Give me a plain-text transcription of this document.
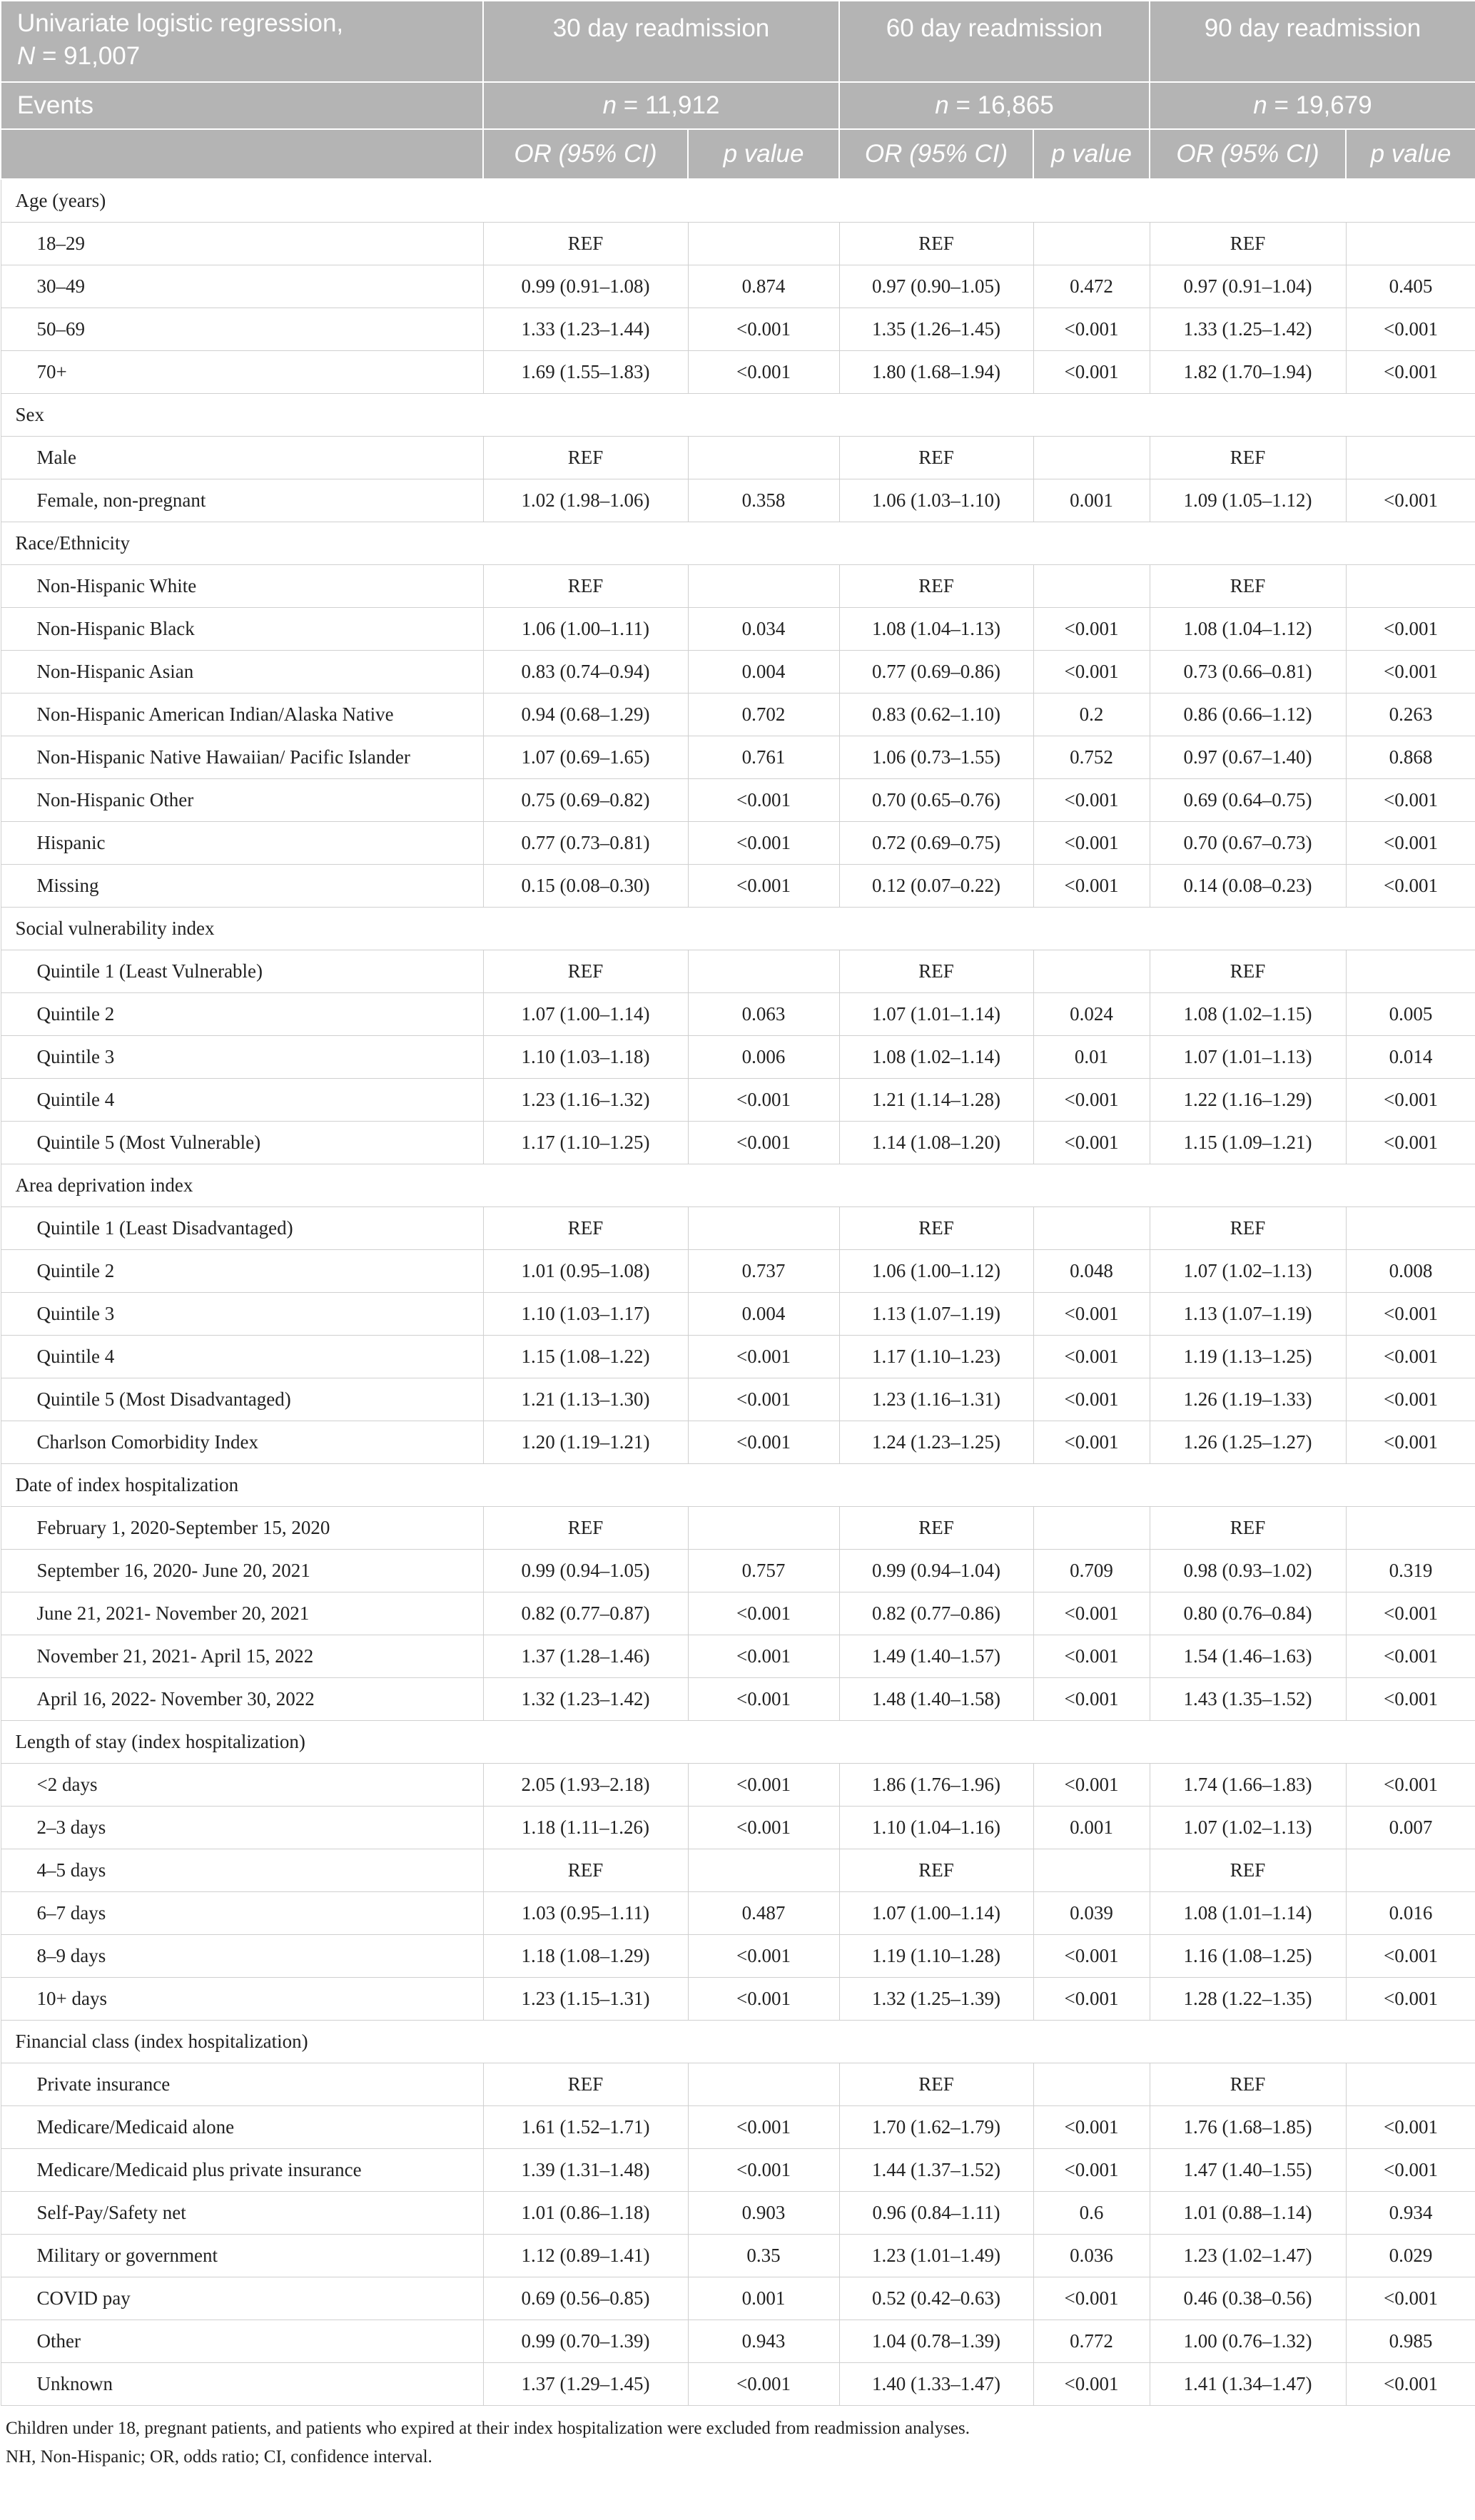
Univariate logistic regression,
N = 91,007	30 day readmission		60 day readmission		90 day readmission	
Events	n = 11,912		n = 16,865		n = 19,679	
	OR (95% CI)	p value	OR (95% CI)	p value	OR (95% CI)	p value
Age (years)						
18–29	REF		REF		REF	
30–49	0.99 (0.91–1.08)	0.874	0.97 (0.90–1.05)	0.472	0.97 (0.91–1.04)	0.405
50–69	1.33 (1.23–1.44)	<0.001	1.35 (1.26–1.45)	<0.001	1.33 (1.25–1.42)	<0.001
70+	1.69 (1.55–1.83)	<0.001	1.80 (1.68–1.94)	<0.001	1.82 (1.70–1.94)	<0.001
Sex						
Male	REF		REF		REF	
Female, non-pregnant	1.02 (1.98–1.06)	0.358	1.06 (1.03–1.10)	0.001	1.09 (1.05–1.12)	<0.001
Race/Ethnicity						
Non-Hispanic White	REF		REF		REF	
Non-Hispanic Black	1.06 (1.00–1.11)	0.034	1.08 (1.04–1.13)	<0.001	1.08 (1.04–1.12)	<0.001
Non-Hispanic Asian	0.83 (0.74–0.94)	0.004	0.77 (0.69–0.86)	<0.001	0.73 (0.66–0.81)	<0.001
Non-Hispanic American Indian/Alaska Native	0.94 (0.68–1.29)	0.702	0.83 (0.62–1.10)	0.2	0.86 (0.66–1.12)	0.263
Non-Hispanic Native Hawaiian/ Pacific Islander	1.07 (0.69–1.65)	0.761	1.06 (0.73–1.55)	0.752	0.97 (0.67–1.40)	0.868
Non-Hispanic Other	0.75 (0.69–0.82)	<0.001	0.70 (0.65–0.76)	<0.001	0.69 (0.64–0.75)	<0.001
Hispanic	0.77 (0.73–0.81)	<0.001	0.72 (0.69–0.75)	<0.001	0.70 (0.67–0.73)	<0.001
Missing	0.15 (0.08–0.30)	<0.001	0.12 (0.07–0.22)	<0.001	0.14 (0.08–0.23)	<0.001
Social vulnerability index						
Quintile 1 (Least Vulnerable)	REF		REF		REF	
Quintile 2	1.07 (1.00–1.14)	0.063	1.07 (1.01–1.14)	0.024	1.08 (1.02–1.15)	0.005
Quintile 3	1.10 (1.03–1.18)	0.006	1.08 (1.02–1.14)	0.01	1.07 (1.01–1.13)	0.014
Quintile 4	1.23 (1.16–1.32)	<0.001	1.21 (1.14–1.28)	<0.001	1.22 (1.16–1.29)	<0.001
Quintile 5 (Most Vulnerable)	1.17 (1.10–1.25)	<0.001	1.14 (1.08–1.20)	<0.001	1.15 (1.09–1.21)	<0.001
Area deprivation index						
Quintile 1 (Least Disadvantaged)	REF		REF		REF	
Quintile 2	1.01 (0.95–1.08)	0.737	1.06 (1.00–1.12)	0.048	1.07 (1.02–1.13)	0.008
Quintile 3	1.10 (1.03–1.17)	0.004	1.13 (1.07–1.19)	<0.001	1.13 (1.07–1.19)	<0.001
Quintile 4	1.15 (1.08–1.22)	<0.001	1.17 (1.10–1.23)	<0.001	1.19 (1.13–1.25)	<0.001
Quintile 5 (Most Disadvantaged)	1.21 (1.13–1.30)	<0.001	1.23 (1.16–1.31)	<0.001	1.26 (1.19–1.33)	<0.001
Charlson Comorbidity Index	1.20 (1.19–1.21)	<0.001	1.24 (1.23–1.25)	<0.001	1.26 (1.25–1.27)	<0.001
Date of index hospitalization						
February 1, 2020-September 15, 2020	REF		REF		REF	
September 16, 2020- June 20, 2021	0.99 (0.94–1.05)	0.757	0.99 (0.94–1.04)	0.709	0.98 (0.93–1.02)	0.319
June 21, 2021- November 20, 2021	0.82 (0.77–0.87)	<0.001	0.82 (0.77–0.86)	<0.001	0.80 (0.76–0.84)	<0.001
November 21, 2021- April 15, 2022	1.37 (1.28–1.46)	<0.001	1.49 (1.40–1.57)	<0.001	1.54 (1.46–1.63)	<0.001
April 16, 2022- November 30, 2022	1.32 (1.23–1.42)	<0.001	1.48 (1.40–1.58)	<0.001	1.43 (1.35–1.52)	<0.001
Length of stay (index hospitalization)						
<2 days	2.05 (1.93–2.18)	<0.001	1.86 (1.76–1.96)	<0.001	1.74 (1.66–1.83)	<0.001
2–3 days	1.18 (1.11–1.26)	<0.001	1.10 (1.04–1.16)	0.001	1.07 (1.02–1.13)	0.007
4–5 days	REF		REF		REF	
6–7 days	1.03 (0.95–1.11)	0.487	1.07 (1.00–1.14)	0.039	1.08 (1.01–1.14)	0.016
8–9 days	1.18 (1.08–1.29)	<0.001	1.19 (1.10–1.28)	<0.001	1.16 (1.08–1.25)	<0.001
10+ days	1.23 (1.15–1.31)	<0.001	1.32 (1.25–1.39)	<0.001	1.28 (1.22–1.35)	<0.001
Financial class (index hospitalization)						
Private insurance	REF		REF		REF	
Medicare/Medicaid alone	1.61 (1.52–1.71)	<0.001	1.70 (1.62–1.79)	<0.001	1.76 (1.68–1.85)	<0.001
Medicare/Medicaid plus private insurance	1.39 (1.31–1.48)	<0.001	1.44 (1.37–1.52)	<0.001	1.47 (1.40–1.55)	<0.001
Self-Pay/Safety net	1.01 (0.86–1.18)	0.903	0.96 (0.84–1.11)	0.6	1.01 (0.88–1.14)	0.934
Military or government	1.12 (0.89–1.41)	0.35	1.23 (1.01–1.49)	0.036	1.23 (1.02–1.47)	0.029
COVID pay	0.69 (0.56–0.85)	0.001	0.52 (0.42–0.63)	<0.001	0.46 (0.38–0.56)	<0.001
Other	0.99 (0.70–1.39)	0.943	1.04 (0.78–1.39)	0.772	1.00 (0.76–1.32)	0.985
Unknown	1.37 (1.29–1.45)	<0.001	1.40 (1.33–1.47)	<0.001	1.41 (1.34–1.47)	<0.001
Children under 18, pregnant patients, and patients who expired at their index hospitalization were excluded from readmission analyses.
NH, Non-Hispanic; OR, odds ratio; CI, confidence interval.
